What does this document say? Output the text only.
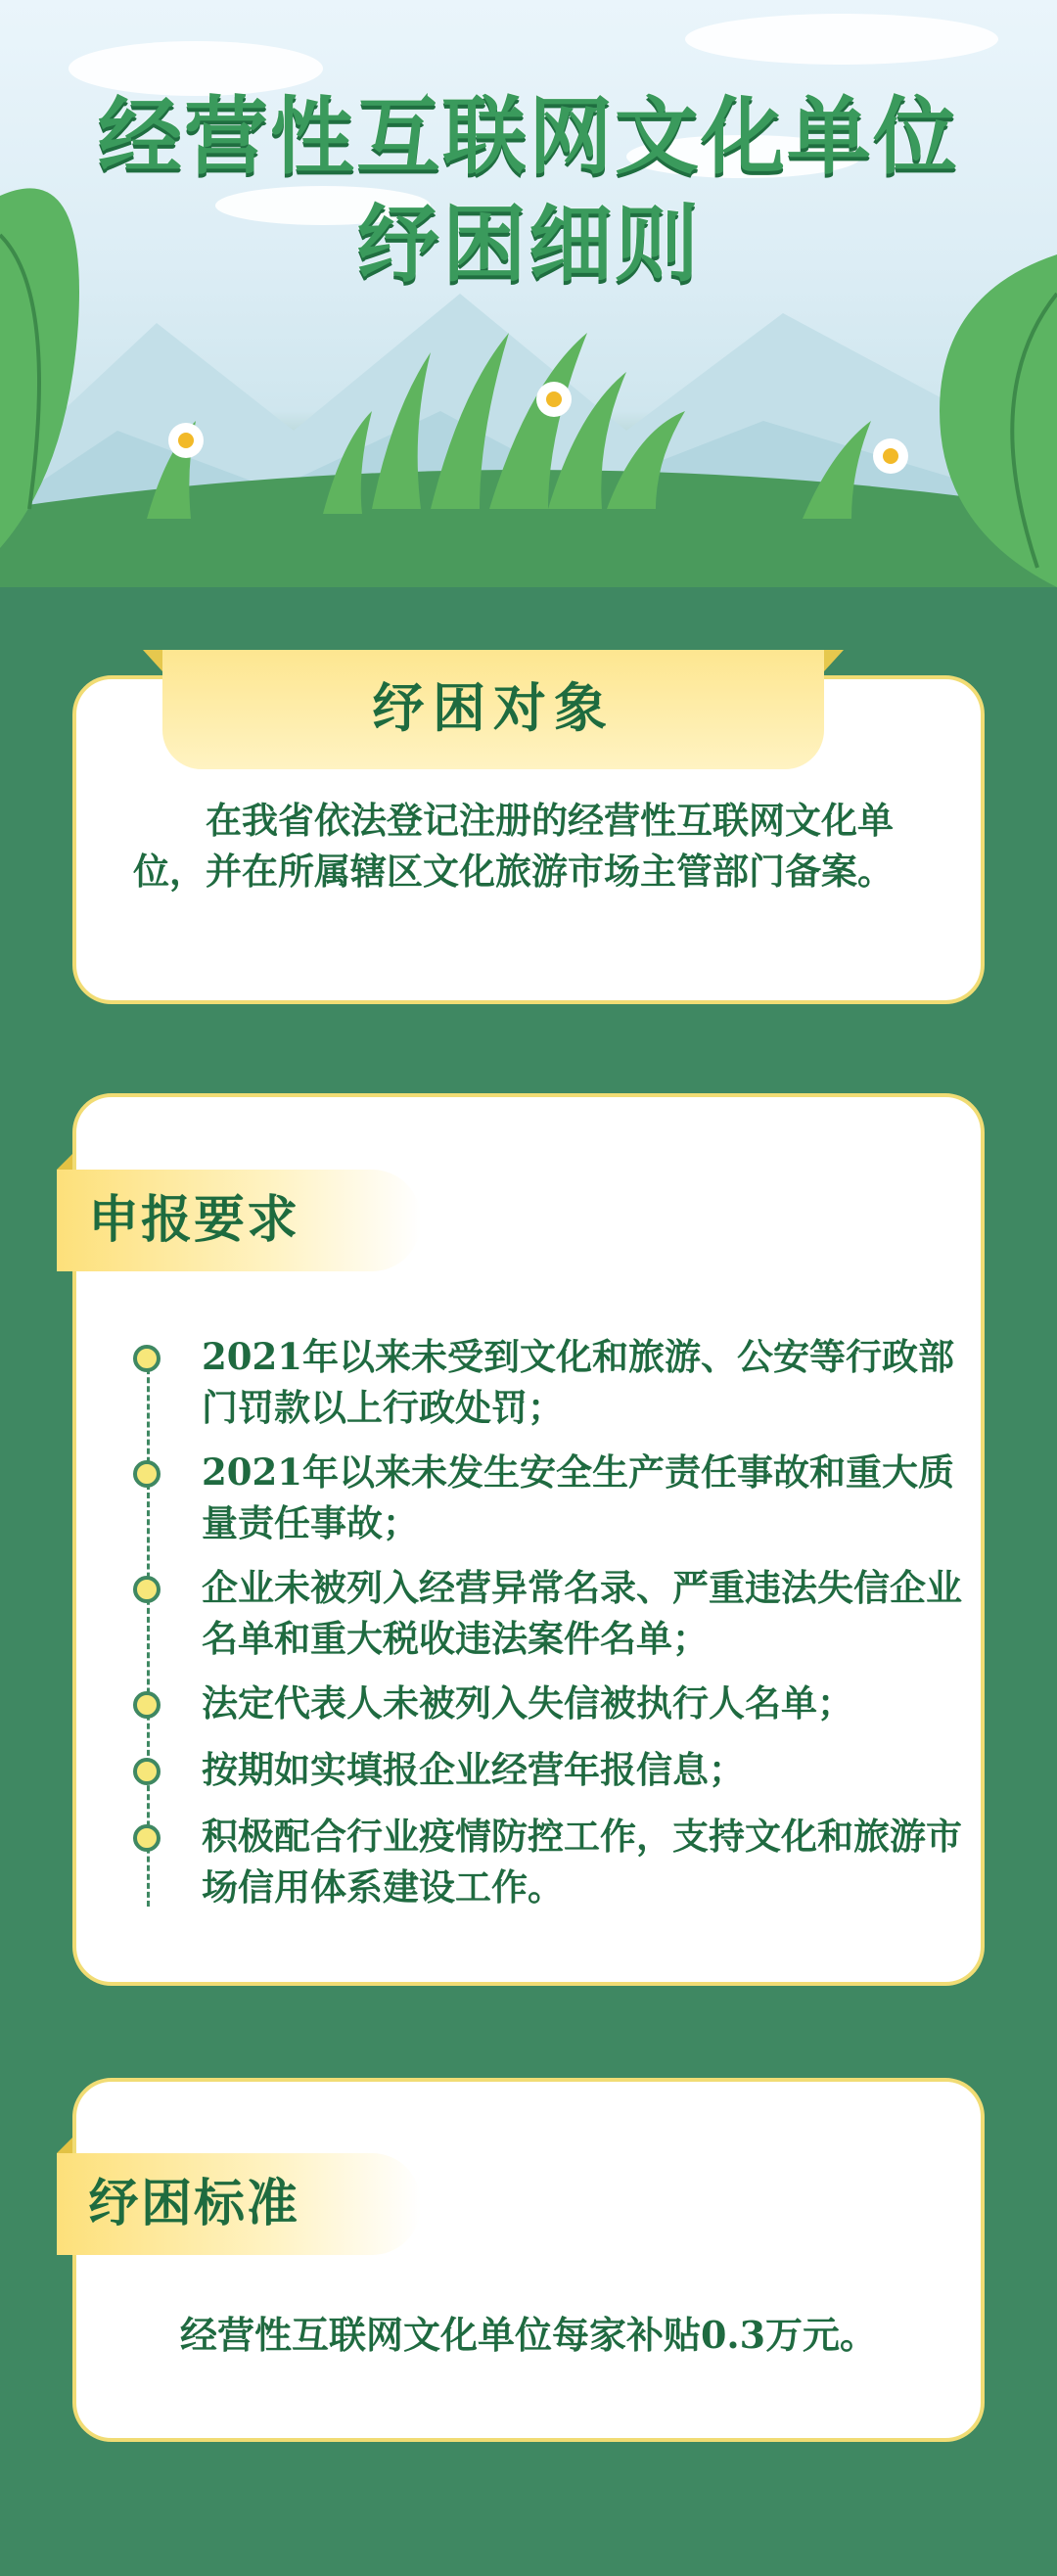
经营性互联网文化单位
纾困细则
纾困对象
在我省依法登记注册的经营性互联网文化单位，并在所属辖区文化旅游市场主管部门备案。
申报要求
2021年以来未受到文化和旅游、公安等行政部门罚款以上行政处罚；
2021年以来未发生安全生产责任事故和重大质量责任事故；
企业未被列入经营异常名录、严重违法失信企业名单和重大税收违法案件名单；
法定代表人未被列入失信被执行人名单；
按期如实填报企业经营年报信息；
积极配合行业疫情防控工作，支持文化和旅游市场信用体系建设工作。
纾困标准
经营性互联网文化单位每家补贴0.3万元。
